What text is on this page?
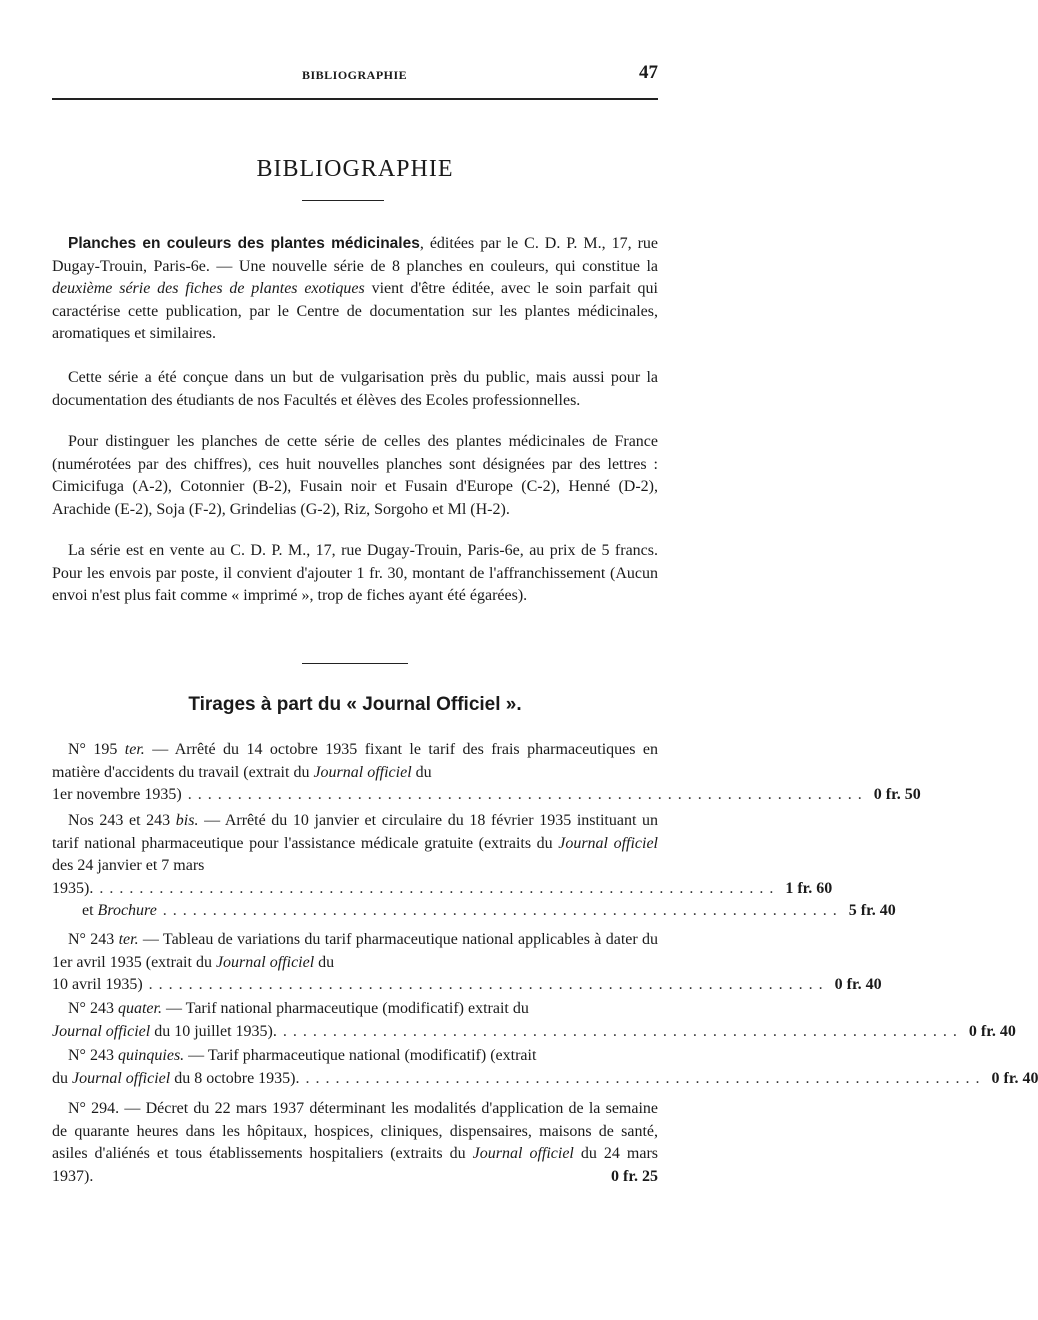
BIBLIOGRAPHIE	47
BIBLIOGRAPHIE

Planches en couleurs des plantes médicinales, éditées par le C. D. P. M., 17, rue Dugay-Trouin, Paris-6e. — Une nouvelle série de 8 planches en couleurs, qui constitue la deuxième série des fiches de plantes exotiques vient d'être éditée, avec le soin parfait qui caractérise cette publication, par le Centre de documentation sur les plantes médicinales, aromatiques et similaires.

Cette série a été conçue dans un but de vulgarisation près du public, mais aussi pour la documentation des étudiants de nos Facultés et élèves des Ecoles professionnelles.

Pour distinguer les planches de cette série de celles des plantes médicinales de France (numérotées par des chiffres), ces huit nouvelles planches sont désignées par des lettres : Cimicifuga (A-2), Cotonnier (B-2), Fusain noir et Fusain d'Europe (C-2), Henné (D-2), Arachide (E-2), Soja (F-2), Grindelias (G-2), Riz, Sorgoho et Ml (H-2).

La série est en vente au C. D. P. M., 17, rue Dugay-Trouin, Paris-6e, au prix de 5 francs. Pour les envois par poste, il convient d'ajouter 1 fr. 30, montant de l'affranchissement (Aucun envoi n'est plus fait comme « imprimé », trop de fiches ayant été égarées).

Tirages à part du « Journal Officiel ».
N° 195 ter. — Arrêté du 14 octobre 1935 fixant le tarif des frais pharmaceutiques en matière d'accidents du travail (extrait du Journal officiel du
1er novembre 1935) .................................................................... 0 fr. 50
Nos 243 et 243 bis. — Arrêté du 10 janvier et circulaire du 18 février 1935 instituant un tarif national pharmaceutique pour l'assistance médicale gratuite (extraits du Journal officiel des 24 janvier et 7 mars
1935). .................................................................... 1 fr. 60
et Brochure .................................................................... 5 fr. 40
N° 243 ter. — Tableau de variations du tarif pharmaceutique national applicables à dater du 1er avril 1935 (extrait du Journal officiel du
10 avril 1935) .................................................................... 0 fr. 40
N° 243 quater. — Tarif national pharmaceutique (modificatif) extrait du
Journal officiel du 10 juillet 1935). .................................................................... 0 fr. 40
N° 243 quinquies. — Tarif pharmaceutique national (modificatif) (extrait
du Journal officiel du 8 octobre 1935). .................................................................... 0 fr. 40
N° 294. — Décret du 22 mars 1937 déterminant les modalités d'application de la semaine de quarante heures dans les hôpitaux, hospices, cliniques, dispensaires, maisons de santé, asiles d'aliénés et tous établissements hospitaliers (extraits du Journal officiel du 24 mars 1937).	0 fr. 25
